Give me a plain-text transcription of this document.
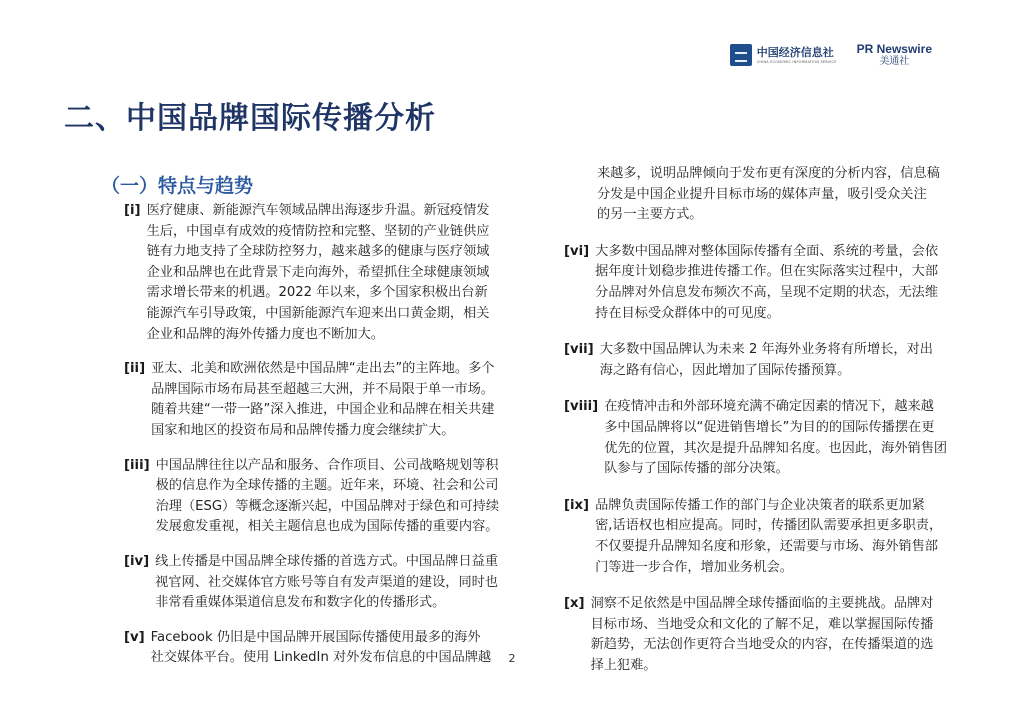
中国经济信息社
CHINA ECONOMIC INFORMATION SERVICE
PR Newswire
美通社
二、中国品牌国际传播分析
（一）特点与趋势
[i] 医疗健康、新能源汽车领域品牌出海逐步升温。新冠疫情发
生后，中国卓有成效的疫情防控和完整、坚韧的产业链供应
链有力地支持了全球防控努力，越来越多的健康与医疗领域
企业和品牌也在此背景下走向海外，希望抓住全球健康领域
需求增长带来的机遇。2022 年以来，多个国家积极出台新
能源汽车引导政策，中国新能源汽车迎来出口黄金期，相关
企业和品牌的海外传播力度也不断加大。
[ii] 亚太、北美和欧洲依然是中国品牌“走出去”的主阵地。多个
品牌国际市场布局甚至超越三大洲，并不局限于单一市场。
随着共建“一带一路”深入推进，中国企业和品牌在相关共建
国家和地区的投资布局和品牌传播力度会继续扩大。
[iii] 中国品牌往往以产品和服务、合作项目、公司战略规划等积
极的信息作为全球传播的主题。近年来，环境、社会和公司
治理（ESG）等概念逐渐兴起，中国品牌对于绿色和可持续
发展愈发重视，相关主题信息也成为国际传播的重要内容。
[iv] 线上传播是中国品牌全球传播的首选方式。中国品牌日益重
视官网、社交媒体官方账号等自有发声渠道的建设，同时也
非常看重媒体渠道信息发布和数字化的传播形式。
[v] Facebook 仍旧是中国品牌开展国际传播使用最多的海外
社交媒体平台。使用 LinkedIn 对外发布信息的中国品牌越
来越多，说明品牌倾向于发布更有深度的分析内容，信息稿
分发是中国企业提升目标市场的媒体声量，吸引受众关注
的另一主要方式。
[vi] 大多数中国品牌对整体国际传播有全面、系统的考量，会依
据年度计划稳步推进传播工作。但在实际落实过程中，大部
分品牌对外信息发布频次不高，呈现不定期的状态，无法维
持在目标受众群体中的可见度。
[vii] 大多数中国品牌认为未来 2 年海外业务将有所增长，对出
海之路有信心，因此增加了国际传播预算。
[viii] 在疫情冲击和外部环境充满不确定因素的情况下，越来越
多中国品牌将以“促进销售增长”为目的的国际传播摆在更
优先的位置，其次是提升品牌知名度。也因此，海外销售团
队参与了国际传播的部分决策。
[ix] 品牌负责国际传播工作的部门与企业决策者的联系更加紧
密,话语权也相应提高。同时，传播团队需要承担更多职责，
不仅要提升品牌知名度和形象，还需要与市场、海外销售部
门等进一步合作，增加业务机会。
[x] 洞察不足依然是中国品牌全球传播面临的主要挑战。品牌对
目标市场、当地受众和文化的了解不足，难以掌握国际传播
新趋势，无法创作更符合当地受众的内容，在传播渠道的选
择上犯难。
2
